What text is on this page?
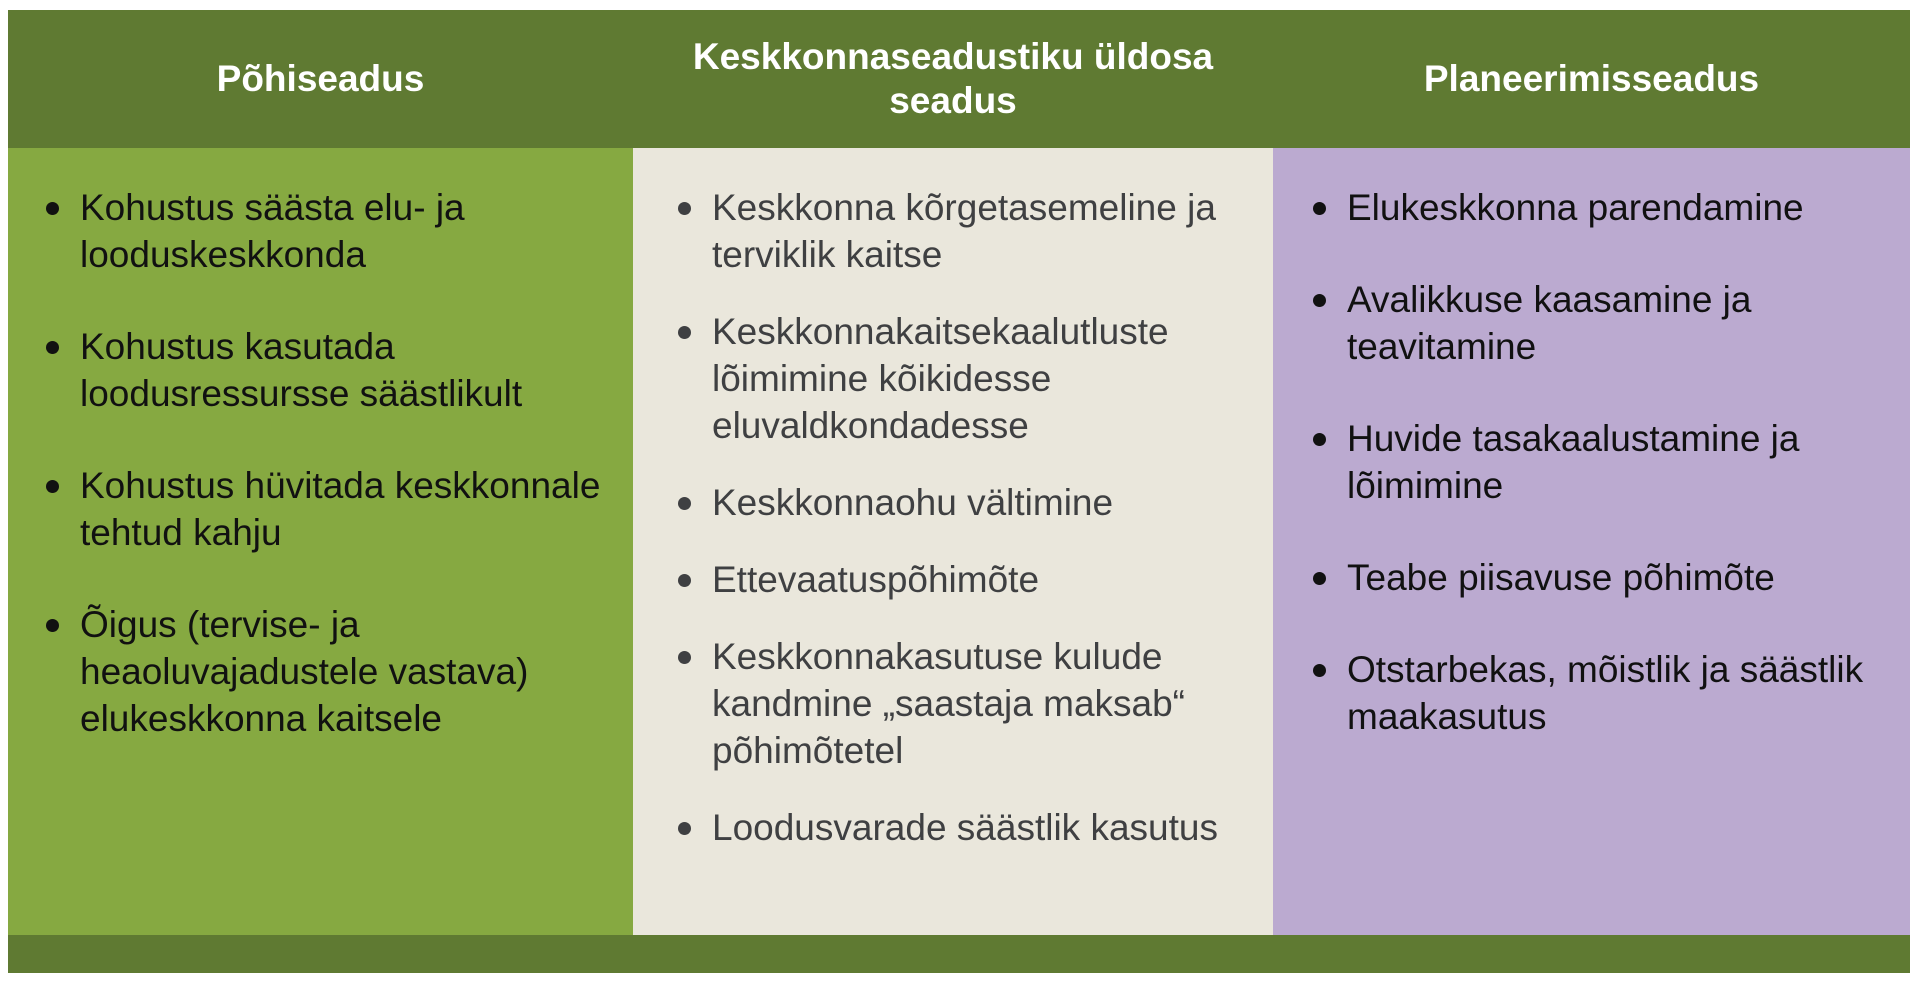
Põhiseadus
Keskkonnaseadustiku üldosa seadus
Planeerimisseadus
Kohustus säästa elu- ja looduskeskkonda
Kohustus kasutada loodusressursse säästlikult
Kohustus hüvitada keskkonnale tehtud kahju
Õigus (tervise- ja heaoluvajadustele vastava) elukeskkonna kaitsele
Keskkonna kõrgetasemeline ja terviklik kaitse
Keskkonnakaitsekaalutluste lõimimine kõikidesse eluvaldkondadesse
Keskkonnaohu vältimine
Ettevaatuspõhimõte
Keskkonnakasutuse kulude kandmine „saastaja maksab“ põhimõtetel
Loodusvarade säästlik kasutus
Elukeskkonna parendamine
Avalikkuse kaasamine ja teavitamine
Huvide tasakaalustamine ja lõimimine
Teabe piisavuse põhimõte
Otstarbekas, mõistlik ja säästlik maakasutus
